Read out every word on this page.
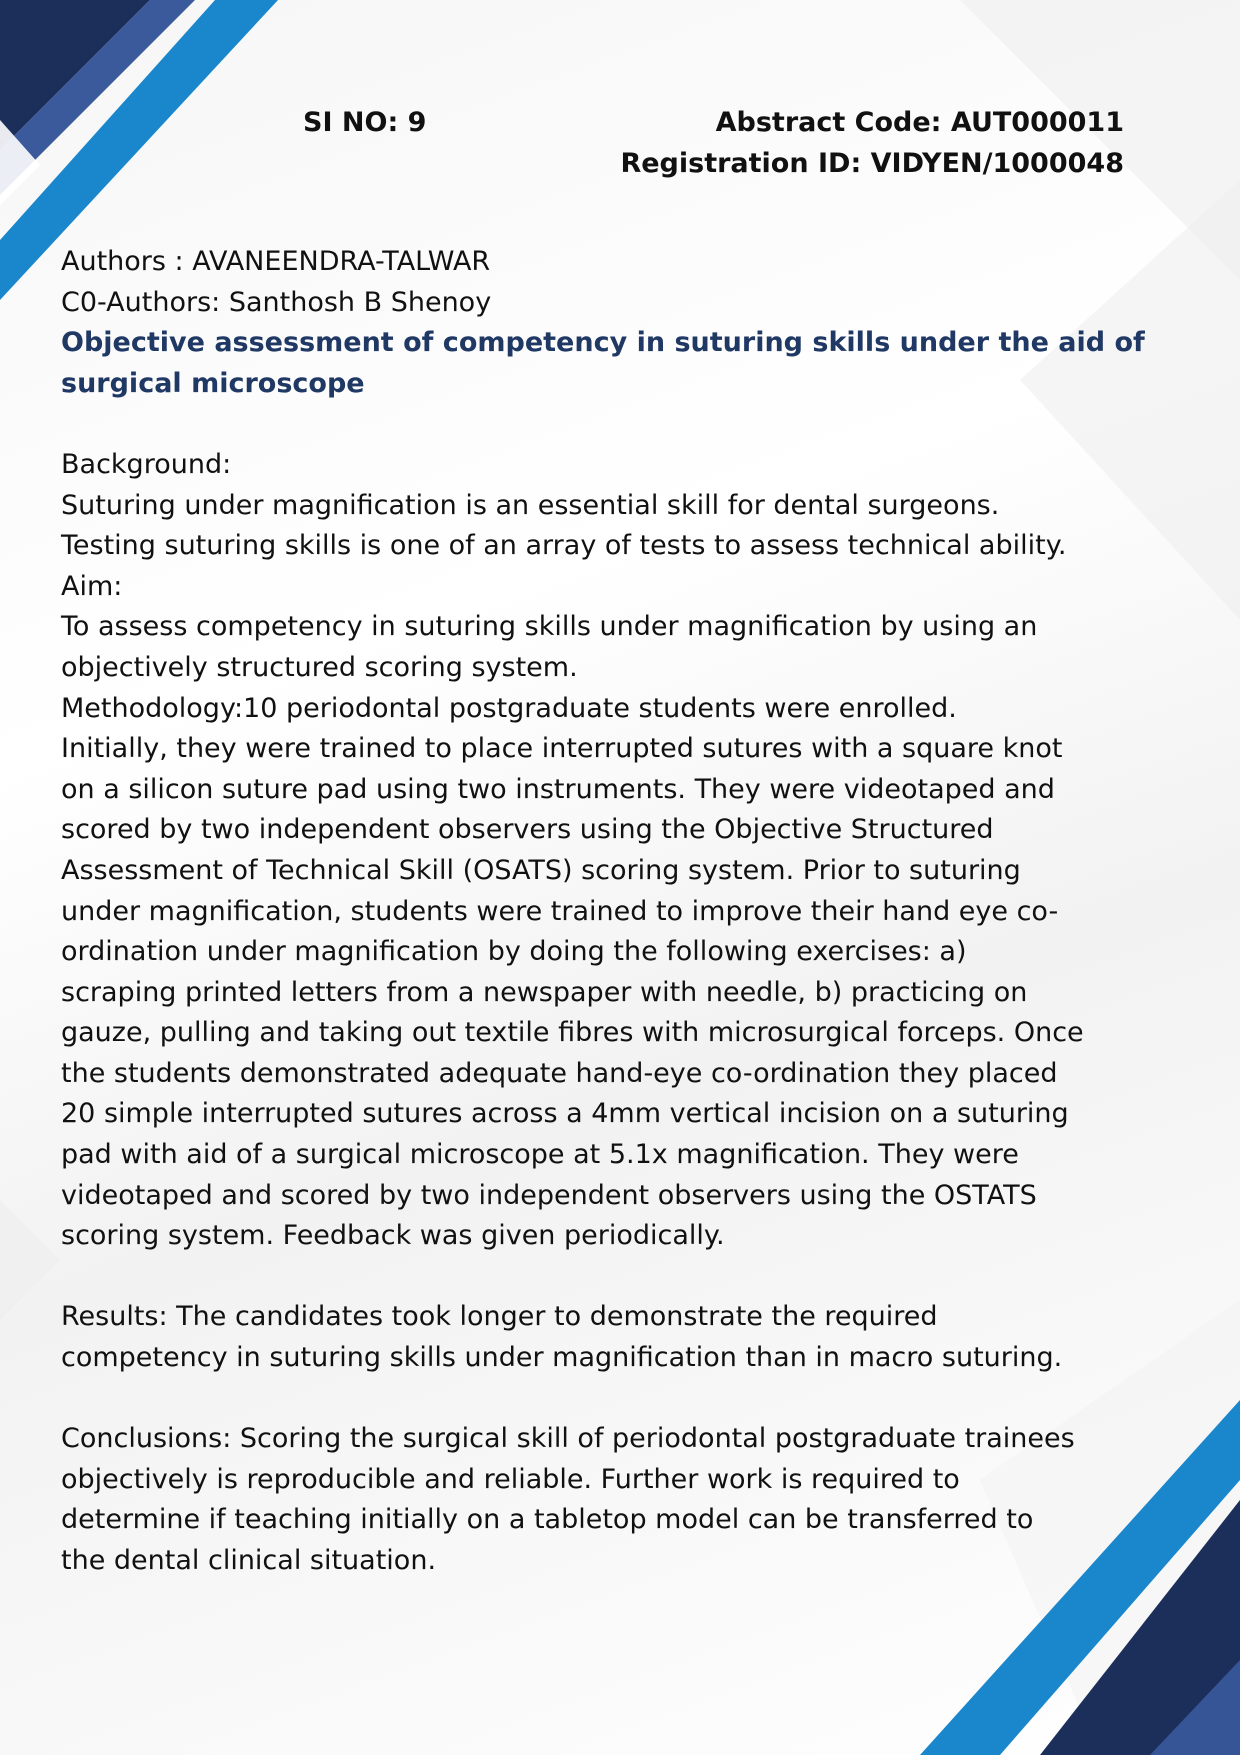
SI NO: 9	Abstract Code: AUT000011
Registration ID: VIDYEN/1000048
Authors : AVANEENDRA-TALWAR
C0-Authors: Santhosh B Shenoy
Objective assessment of competency in suturing skills under the aid of
surgical microscope
Background:
Suturing under magnification is an essential skill for dental surgeons.
Testing suturing skills is one of an array of tests to assess technical ability.
Aim:
To assess competency in suturing skills under magnification by using an
objectively structured scoring system.
Methodology:10 periodontal postgraduate students were enrolled.
Initially, they were trained to place interrupted sutures with a square knot
on a silicon suture pad using two instruments. They were videotaped and
scored by two independent observers using the Objective Structured
Assessment of Technical Skill (OSATS) scoring system. Prior to suturing
under magnification, students were trained to improve their hand eye co-
ordination under magnification by doing the following exercises: a)
scraping printed letters from a newspaper with needle, b) practicing on
gauze, pulling and taking out textile fibres with microsurgical forceps. Once
the students demonstrated adequate hand-eye co-ordination they placed
20 simple interrupted sutures across a 4mm vertical incision on a suturing
pad with aid of a surgical microscope at 5.1x magnification. They were
videotaped and scored by two independent observers using the OSTATS
scoring system. Feedback was given periodically.
Results: The candidates took longer to demonstrate the required
competency in suturing skills under magnification than in macro suturing.
Conclusions: Scoring the surgical skill of periodontal postgraduate trainees
objectively is reproducible and reliable. Further work is required to
determine if teaching initially on a tabletop model can be transferred to
the dental clinical situation.
